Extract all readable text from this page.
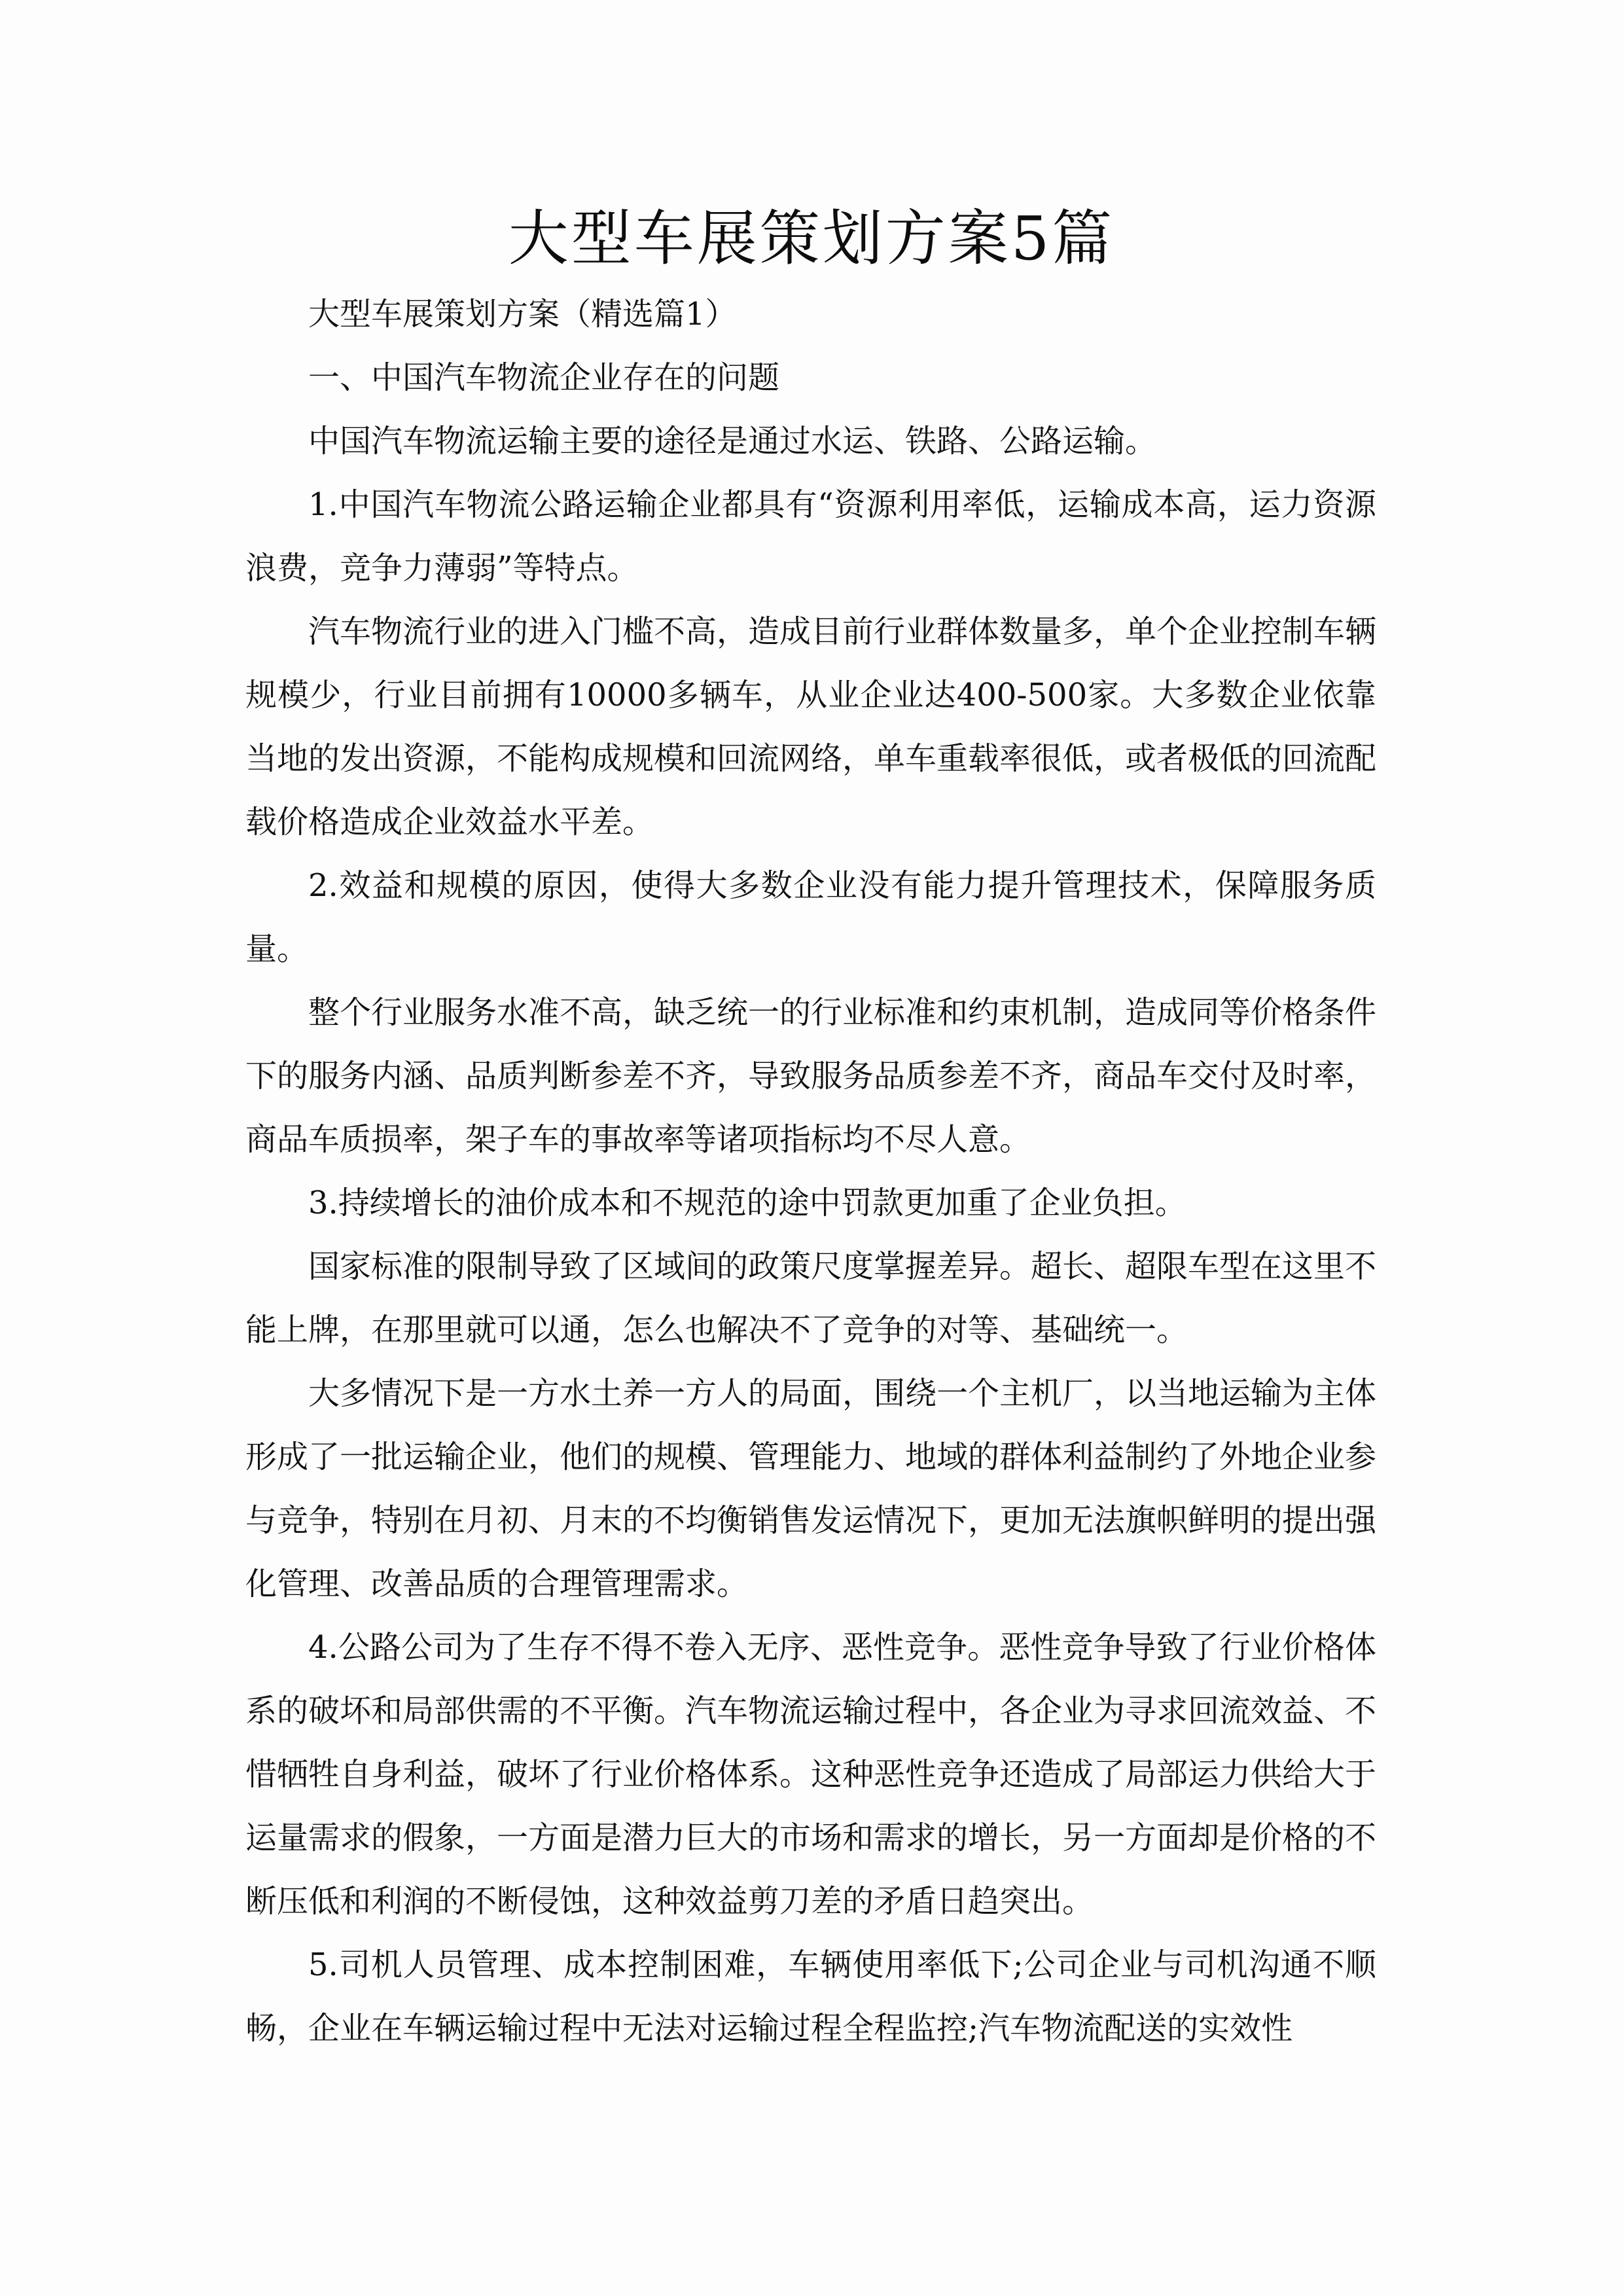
大型车展策划方案5篇

大型车展策划方案（精选篇1）

一、中国汽车物流企业存在的问题

中国汽车物流运输主要的途径是通过水运、铁路、公路运输。

1.中国汽车物流公路运输企业都具有“资源利用率低，运输成本高，运力资源浪费，竞争力薄弱”等特点。

汽车物流行业的进入门槛不高，造成目前行业群体数量多，单个企业控制车辆规模少，行业目前拥有10000多辆车，从业企业达400-500家。大多数企业依靠当地的发出资源，不能构成规模和回流网络，单车重载率很低，或者极低的回流配载价格造成企业效益水平差。

2.效益和规模的原因，使得大多数企业没有能力提升管理技术，保障服务质量。

整个行业服务水准不高，缺乏统一的行业标准和约束机制，造成同等价格条件下的服务内涵、品质判断参差不齐，导致服务品质参差不齐，商品车交付及时率，商品车质损率，架子车的事故率等诸项指标均不尽人意。

3.持续增长的油价成本和不规范的途中罚款更加重了企业负担。

国家标准的限制导致了区域间的政策尺度掌握差异。超长、超限车型在这里不能上牌，在那里就可以通，怎么也解决不了竞争的对等、基础统一。

大多情况下是一方水土养一方人的局面，围绕一个主机厂，以当地运输为主体形成了一批运输企业，他们的规模、管理能力、地域的群体利益制约了外地企业参与竞争，特别在月初、月末的不均衡销售发运情况下，更加无法旗帜鲜明的提出强化管理、改善品质的合理管理需求。

4.公路公司为了生存不得不卷入无序、恶性竞争。恶性竞争导致了行业价格体系的破坏和局部供需的不平衡。汽车物流运输过程中，各企业为寻求回流效益、不惜牺牲自身利益，破坏了行业价格体系。这种恶性竞争还造成了局部运力供给大于运量需求的假象，一方面是潜力巨大的市场和需求的增长，另一方面却是价格的不断压低和利润的不断侵蚀，这种效益剪刀差的矛盾日趋突出。

5.司机人员管理、成本控制困难，车辆使用率低下;公司企业与司机沟通不顺畅，企业在车辆运输过程中无法对运输过程全程监控;汽车物流配送的实效性
